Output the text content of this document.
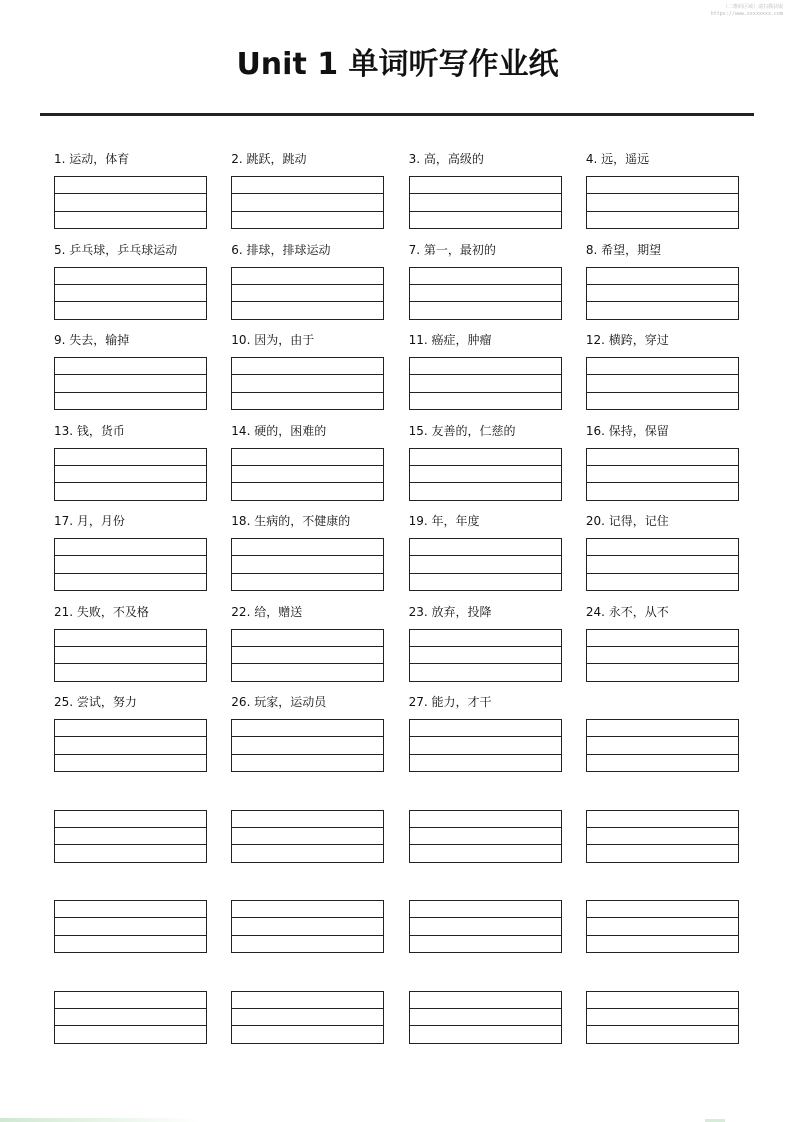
（二维码区域）请扫描获取
https://www.xxxxxxxx.com
Unit 1 单词听写作业纸
1. 运动，体育	2. 跳跃，跳动	3. 高，高级的	4. 远，遥远
5. 乒乓球，乒乓球运动	6. 排球，排球运动	7. 第一，最初的	8. 希望，期望
9. 失去，输掉	10. 因为，由于	11. 癌症，肿瘤	12. 横跨，穿过
13. 钱，货币	14. 硬的，困难的	15. 友善的，仁慈的	16. 保持，保留
17. 月，月份	18. 生病的，不健康的	19. 年，年度	20. 记得，记住
21. 失败，不及格	22. 给，赠送	23. 放弃，投降	24. 永不，从不
25. 尝试，努力	26. 玩家，运动员	27. 能力，才干
